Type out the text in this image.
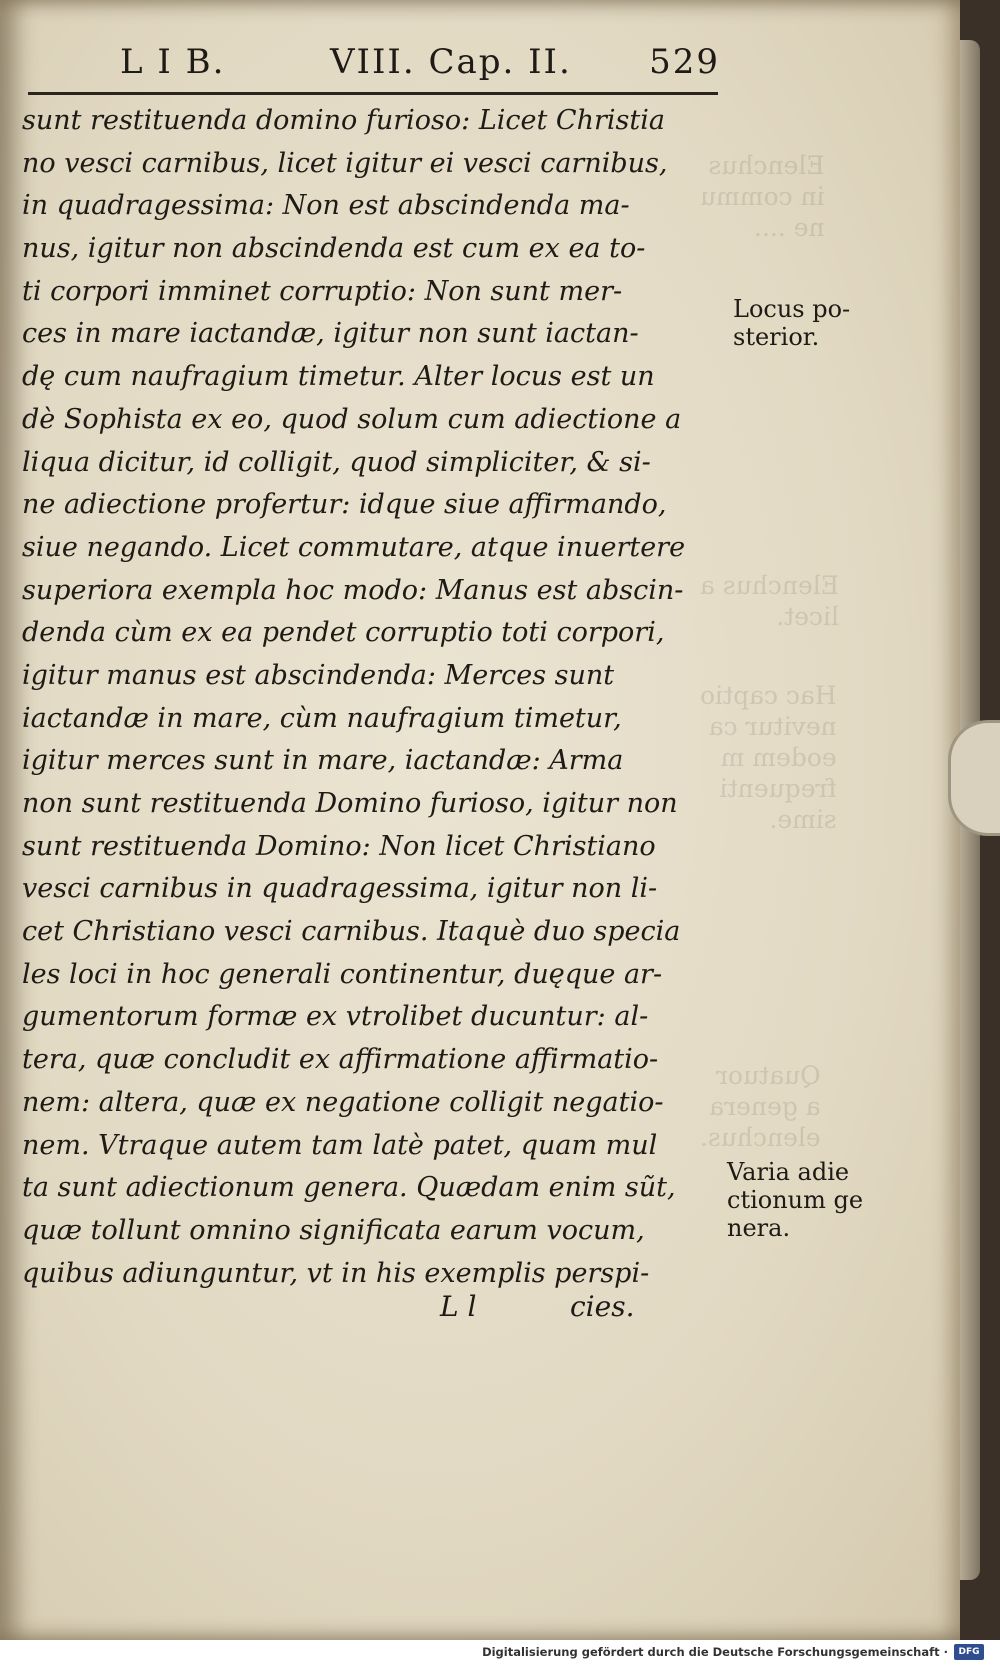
Elenchus
in commu
ne ....
Elenchus a
licet.
Hac captio
nevitur ca
eodem m
frequenti
sime.
Quatuor
a genera
elenchus.
L I B.	VIII. Cap. II. 529
sunt restituenda domino furioso: Licet Christia
no vesci carnibus, licet igitur ei vesci carnibus,
in quadragessima: Non est abscindenda ma-
nus, igitur non abscindenda est cum ex ea to-
ti corpori imminet corruptio: Non sunt mer-
ces in mare iactandæ, igitur non sunt iactan-
dę cum naufragium timetur. Alter locus est un
dè Sophista ex eo, quod solum cum adiectione a
liqua dicitur, id colligit, quod simpliciter, & si-
ne adiectione profertur: idque siue affirmando,
siue negando. Licet commutare, atque inuertere
superiora exempla hoc modo: Manus est abscin-
denda cùm ex ea pendet corruptio toti corpori,
igitur manus est abscindenda: Merces sunt
iactandæ in mare, cùm naufragium timetur,
igitur merces sunt in mare, iactandæ: Arma
non sunt restituenda Domino furioso, igitur non
sunt restituenda Domino: Non licet Christiano
vesci carnibus in quadragessima, igitur non li-
cet Christiano vesci carnibus. Itaquè duo specia
les loci in hoc generali continentur, duęque ar-
gumentorum formæ ex vtrolibet ducuntur: al-
tera, quæ concludit ex affirmatione affirmatio-
nem: altera, quæ ex negatione colligit negatio-
nem. Vtraque autem tam latè patet, quam mul
ta sunt adiectionum genera. Quædam enim sũt,
quæ tollunt omnino significata earum vocum,
quibus adiunguntur, vt in his exemplis perspi-
L l	cies.
Locus po-
sterior.
Varia adie
ctionum ge
nera.
Digitalisierung gefördert durch die Deutsche Forschungsgemeinschaft ·	DFG
